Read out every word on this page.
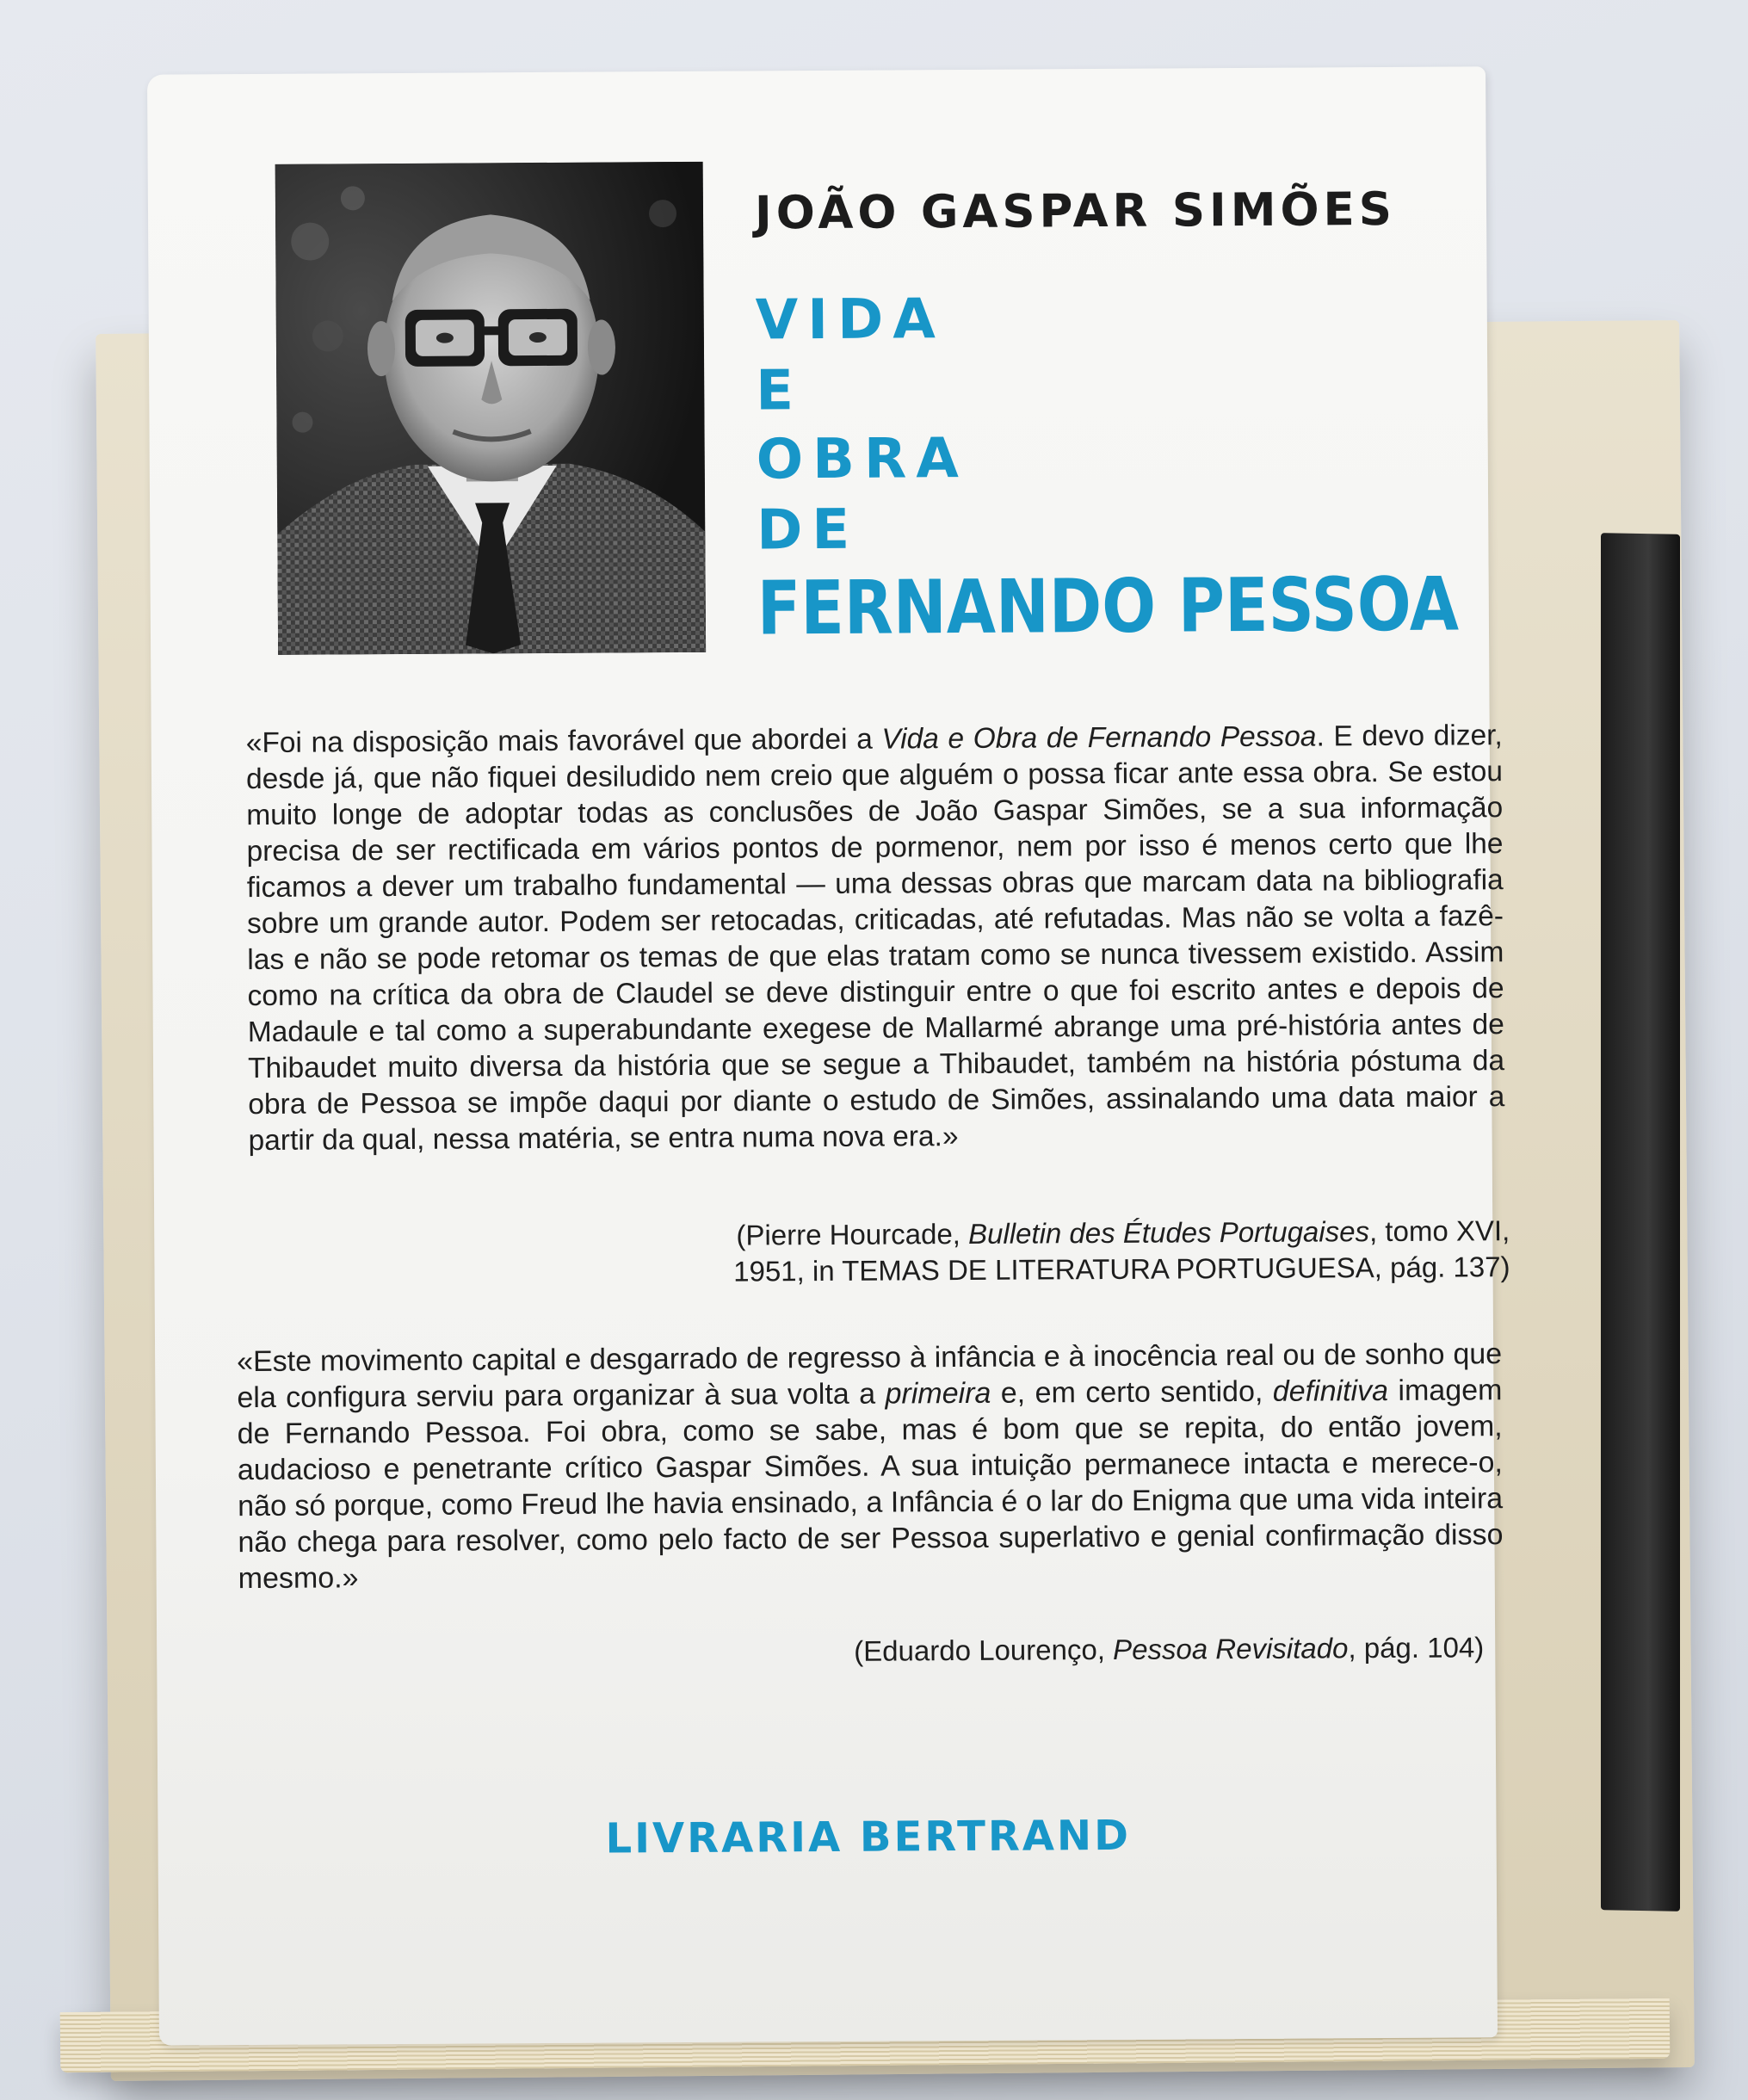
JOÃO GASPAR SIMÕES
VIDA
E
OBRA
DE
FERNANDO PESSOA

«Foi na disposição mais favorável que abordei a Vida e Obra de Fernando Pessoa. E devo dizer, desde já, que não fiquei desiludido nem creio que alguém o possa ficar ante essa obra. Se estou muito longe de adoptar todas as conclusões de João Gaspar Simões, se a sua informação precisa de ser rectificada em vários pontos de pormenor, nem por isso é menos certo que lhe ficamos a dever um trabalho fundamental — uma dessas obras que marcam data na bibliografia sobre um grande autor. Podem ser retocadas, criticadas, até refutadas. Mas não se volta a fazê-las e não se pode retomar os temas de que elas tratam como se nunca tivessem existido. Assim como na crítica da obra de Claudel se deve distinguir entre o que foi escrito antes e depois de Madaule e tal como a superabundante exegese de Mallarmé abrange uma pré-história antes de Thibaudet muito diversa da história que se segue a Thibaudet, também na história póstuma da obra de Pessoa se impõe daqui por diante o estudo de Simões, assinalando uma data maior a partir da qual, nessa matéria, se entra numa nova era.»

(Pierre Hourcade, Bulletin des Études Portugaises, tomo XVI,
1951, in TEMAS DE LITERATURA PORTUGUESA, pág. 137)

«Este movimento capital e desgarrado de regresso à infância e à inocência real ou de sonho que ela configura serviu para organizar à sua volta a primeira e, em certo sentido, definitiva imagem de Fernando Pessoa. Foi obra, como se sabe, mas é bom que se repita, do então jovem, audacioso e penetrante crítico Gaspar Simões. A sua intuição permanece intacta e merece-o, não só porque, como Freud lhe havia ensinado, a Infância é o lar do Enigma que uma vida inteira não chega para resolver, como pelo facto de ser Pessoa superlativo e genial confirmação disso mesmo.»

(Eduardo Lourenço, Pessoa Revisitado, pág. 104)

LIVRARIA BERTRAND
